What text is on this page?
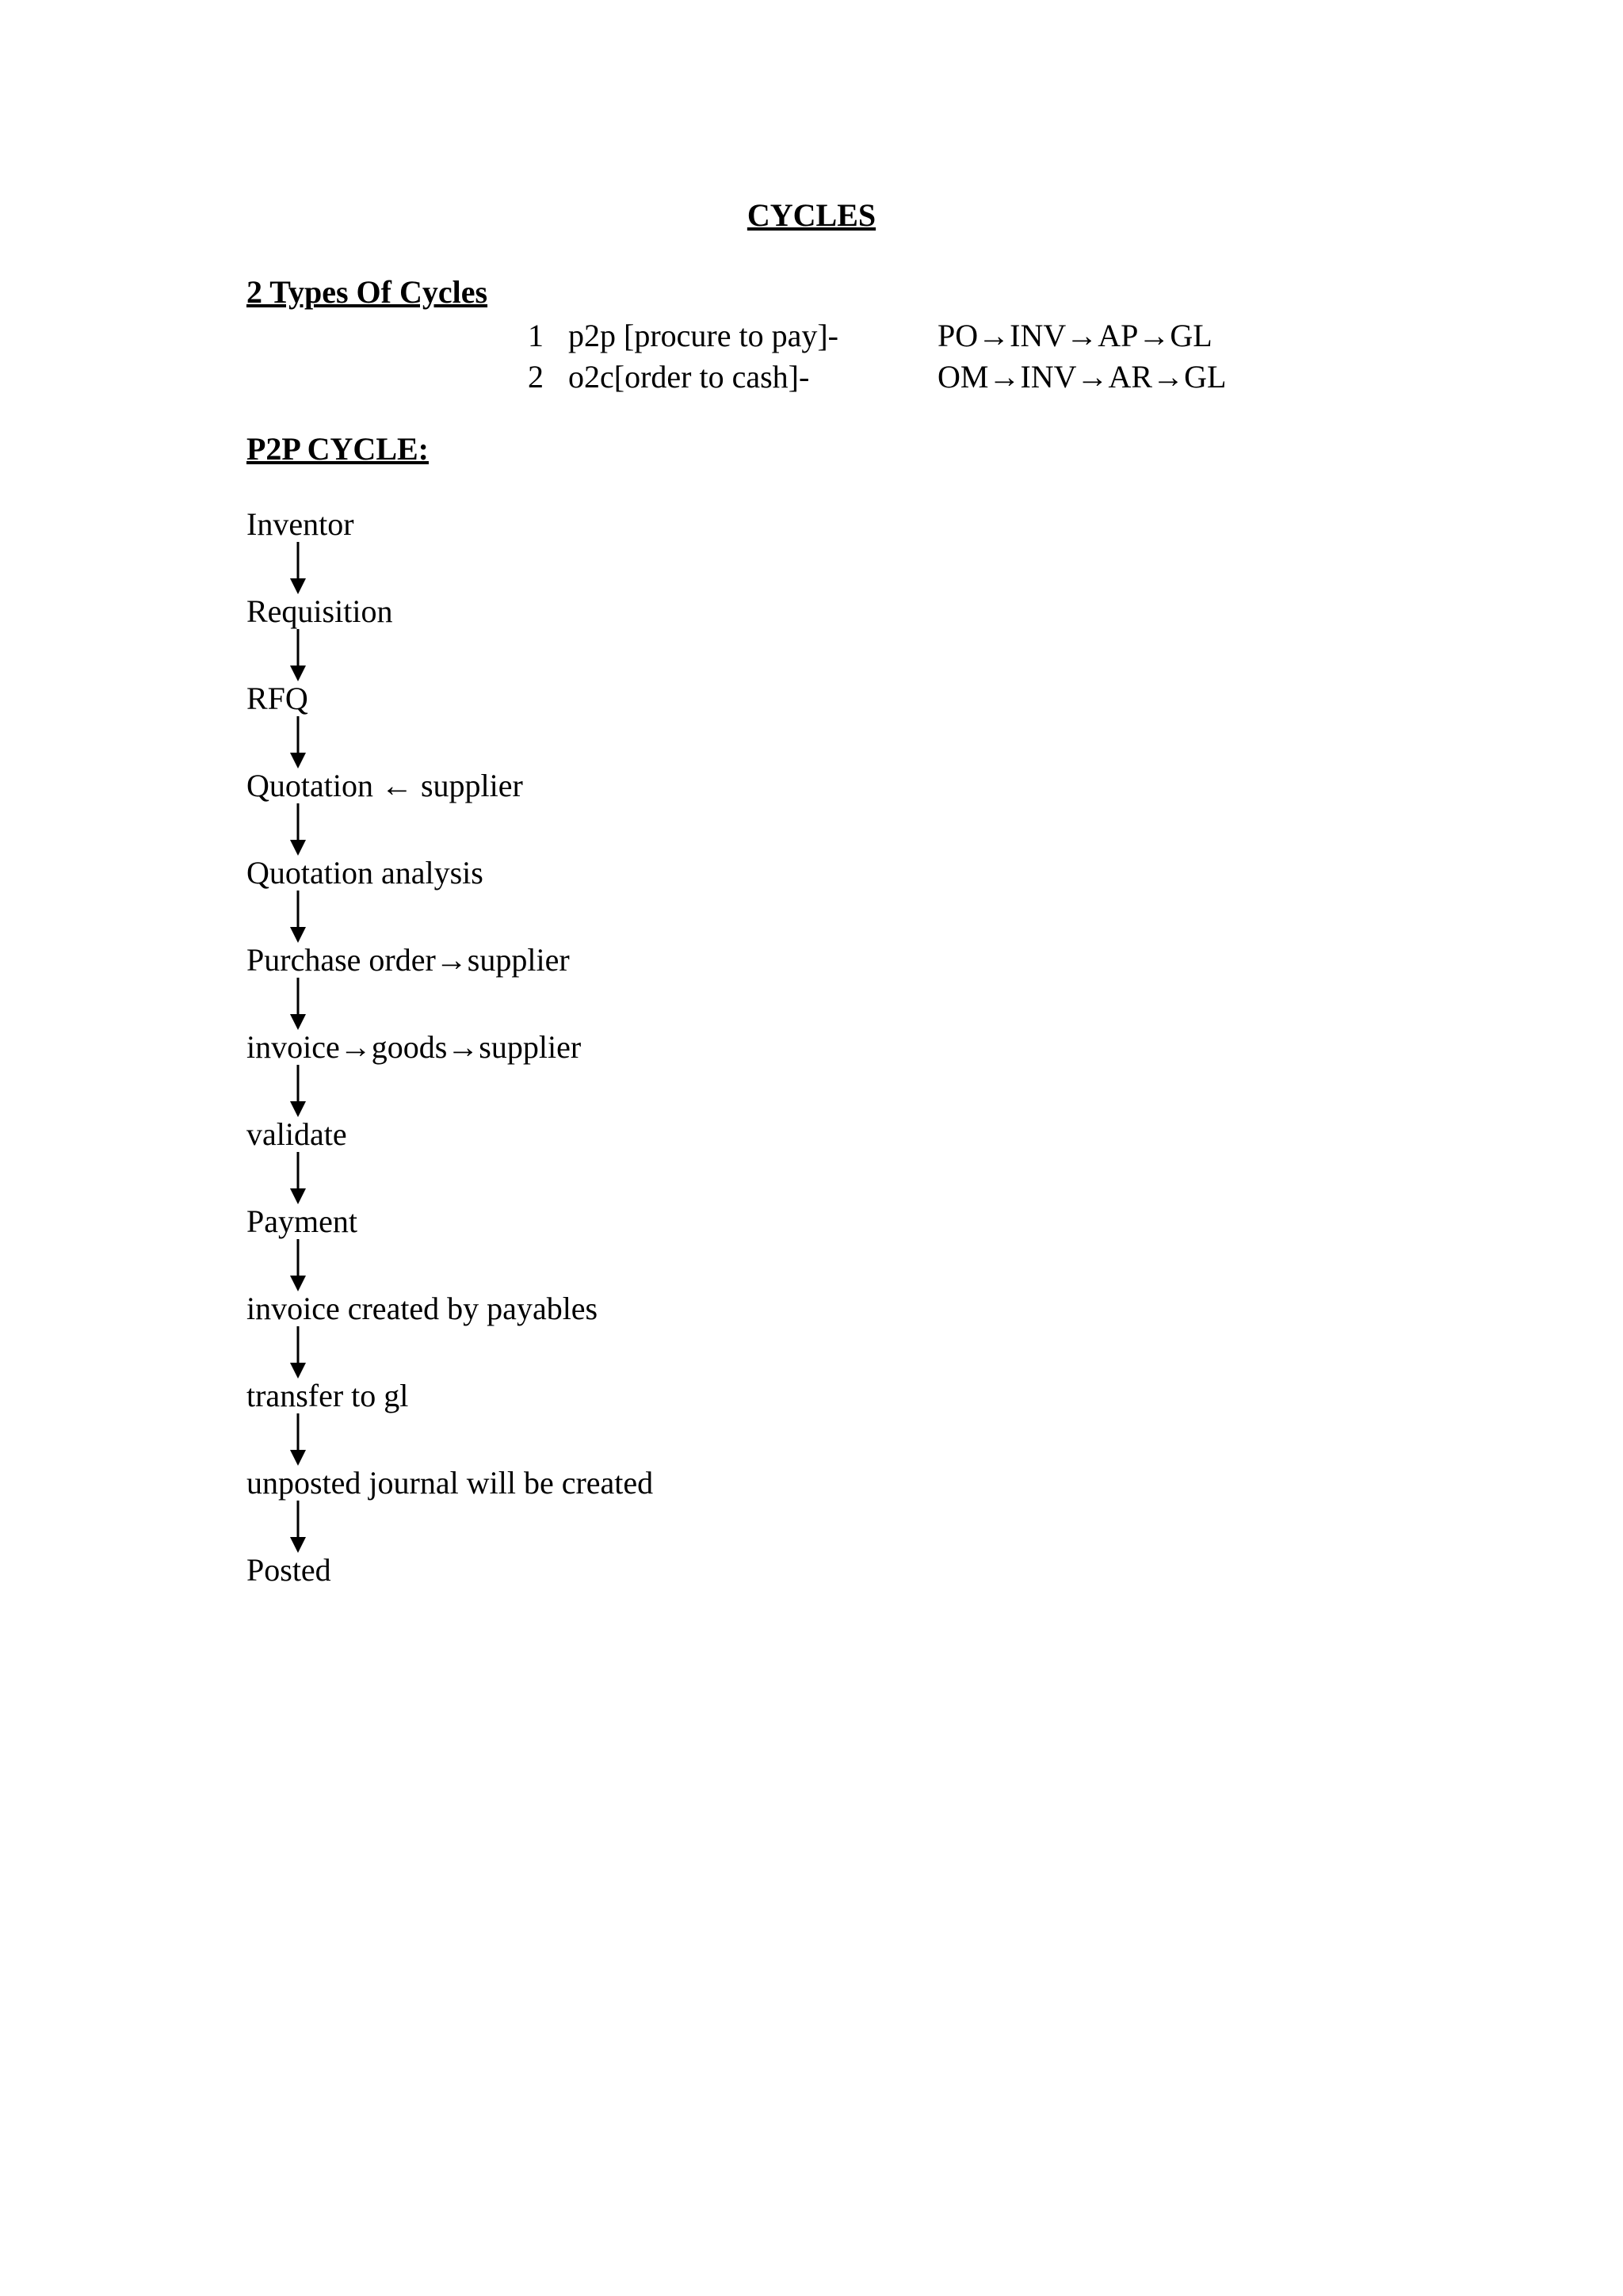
CYCLES
2 Types Of Cycles
1 p2p [procure to pay]-	PO→INV→AP→GL
2 o2c[order to cash]-	OM→INV→AR→GL
P2P CYCLE:
Inventor
Requisition
RFQ
Quotation ← supplier
Quotation analysis
Purchase order→supplier
invoice→goods→supplier
validate
Payment
invoice created by payables
transfer to gl
unposted journal will be created
Posted
